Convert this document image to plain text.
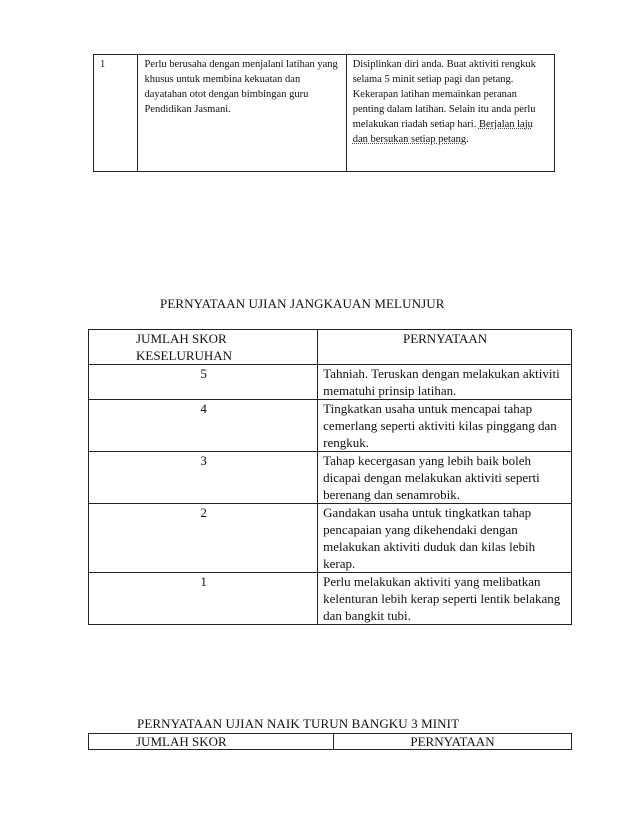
1	Perlu berusaha dengan menjalani latihan yang khusus untuk membina kekuatan dan dayatahan otot dengan bimbingan guru Pendidikan Jasmani.	Disiplinkan diri anda. Buat aktiviti rengkuk selama 5 minit setiap pagi dan petang. Kekerapan latihan memainkan peranan penting dalam latihan. Selain itu anda perlu melakukan riadah setiap hari. Berjalan laju dan bersukan setiap petang.
PERNYATAAN UJIAN JANGKAUAN MELUNJUR
JUMLAH SKOR KESELURUHAN	PERNYATAAN
5	Tahniah. Teruskan dengan melakukan aktiviti mematuhi prinsip latihan.
4	Tingkatkan usaha untuk mencapai tahap cemerlang seperti aktiviti kilas pinggang dan rengkuk.
3	Tahap kecergasan yang lebih baik boleh dicapai dengan melakukan aktiviti seperti berenang dan senamrobik.
2	Gandakan usaha untuk tingkatkan tahap pencapaian yang dikehendaki dengan melakukan aktiviti duduk dan kilas lebih kerap.
1	Perlu melakukan aktiviti yang melibatkan kelenturan lebih kerap seperti lentik belakang dan bangkit tubi.
PERNYATAAN UJIAN NAIK TURUN BANGKU 3 MINIT
JUMLAH SKOR	PERNYATAAN
